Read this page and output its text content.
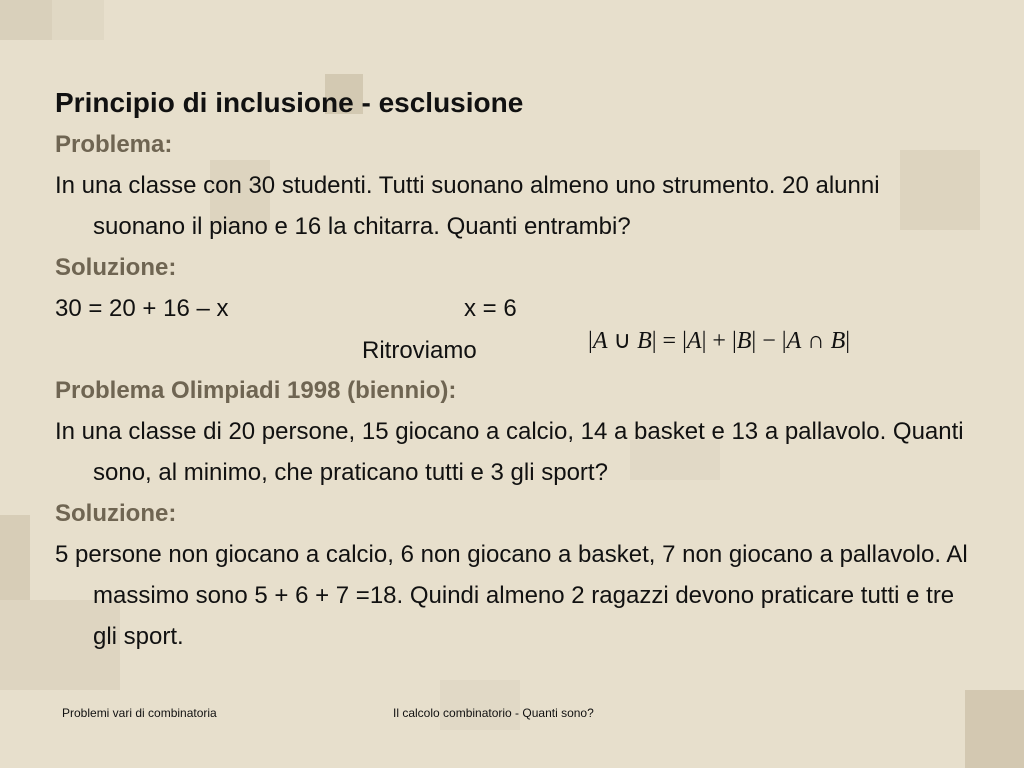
Principio di inclusione - esclusione

Problema:

In una classe con 30 studenti. Tutti suonano almeno uno strumento. 20 alunni suonano il piano e 16 la chitarra. Quanti entrambi?

Soluzione:

Problema Olimpiadi 1998 (biennio):

In una classe di 20 persone, 15 giocano a calcio, 14 a basket e 13 a pallavolo. Quanti sono, al minimo, che praticano tutti e 3 gli sport?

Soluzione:

5 persone non giocano a calcio, 6 non giocano a basket, 7 non giocano a pallavolo. Al massimo sono 5 + 6 + 7 =18. Quindi almeno 2 ragazzi devono praticare tutti e tre gli sport.

30 = 20 + 16 – x	x = 6
Ritroviamo	|A ∪ B| = |A| + |B| − |A ∩ B|
Problemi vari di combinatoria	Il calcolo combinatorio - Quanti sono?
